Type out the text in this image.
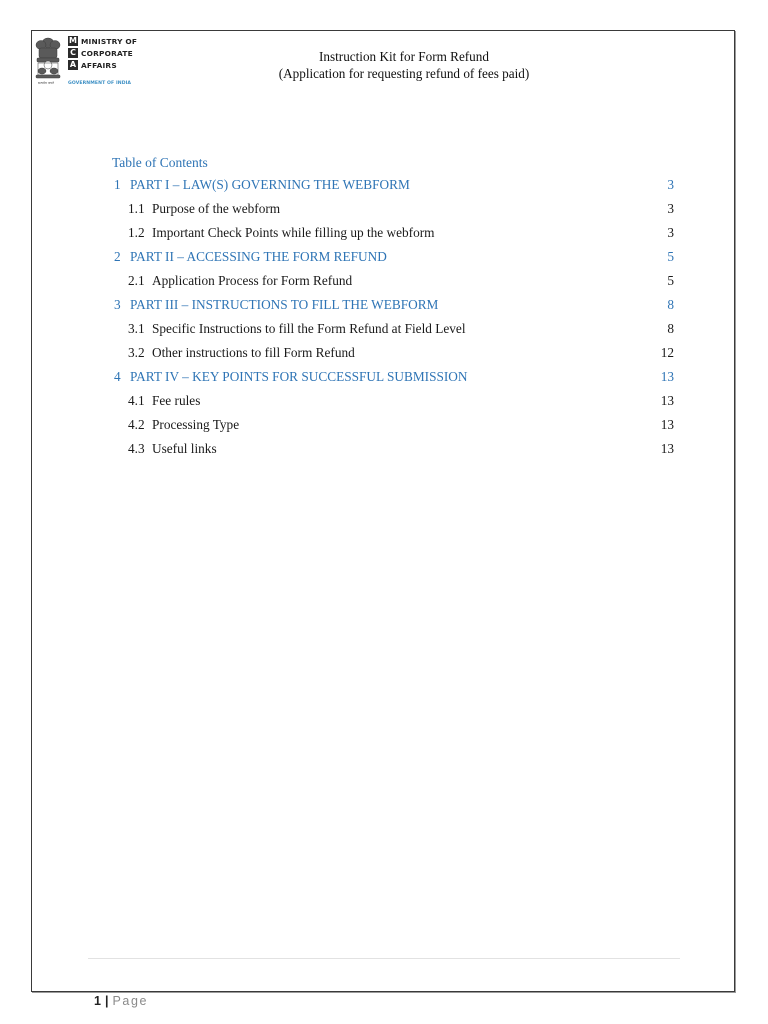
सत्यमेव जयते
M MINISTRY OF
C CORPORATE
A AFFAIRS
GOVERNMENT OF INDIA
Instruction Kit for Form Refund
(Application for requesting refund of fees paid)
Table of Contents
1 PART I – LAW(S) GOVERNING THE WEBFORM	3
1.1 Purpose of the webform	3
1.2 Important Check Points while filling up the webform	3
2 PART II – ACCESSING THE FORM REFUND	5
2.1 Application Process for Form Refund	5
3 PART III – INSTRUCTIONS TO FILL THE WEBFORM	8
3.1 Specific Instructions to fill the Form Refund at Field Level	8
3.2 Other instructions to fill Form Refund	12
4 PART IV – KEY POINTS FOR SUCCESSFUL SUBMISSION	13
4.1 Fee rules	13
4.2 Processing Type	13
4.3 Useful links	13
1 | Page
